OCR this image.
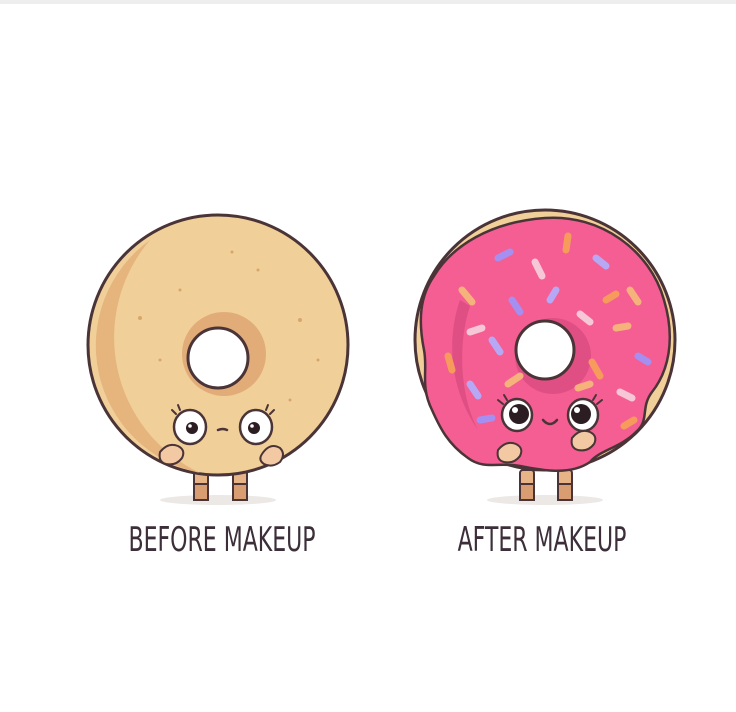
BEFORE MAKEUP	AFTER MAKEUP
